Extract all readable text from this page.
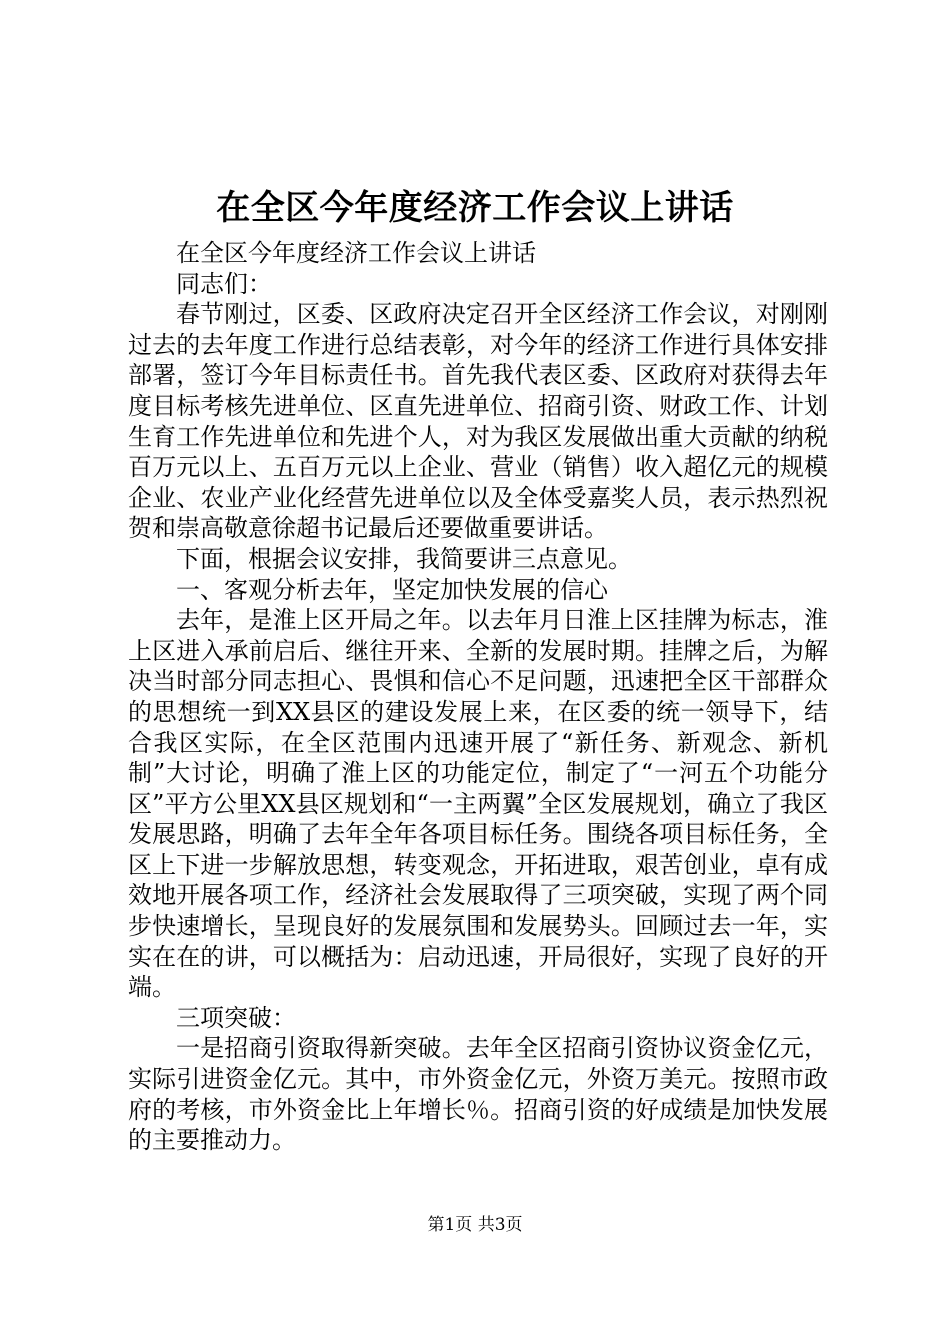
在全区今年度经济工作会议上讲话

在全区今年度经济工作会议上讲话

同志们：

春节刚过，区委、区政府决定召开全区经济工作会议，对刚刚过去的去年度工作进行总结表彰，对今年的经济工作进行具体安排部署，签订今年目标责任书。首先我代表区委、区政府对获得去年度目标考核先进单位、区直先进单位、招商引资、财政工作、计划生育工作先进单位和先进个人，对为我区发展做出重大贡献的纳税百万元以上、五百万元以上企业、营业（销售）收入超亿元的规模企业、农业产业化经营先进单位以及全体受嘉奖人员，表示热烈祝贺和崇高敬意徐超书记最后还要做重要讲话。

下面，根据会议安排，我简要讲三点意见。

一、客观分析去年，坚定加快发展的信心

去年，是淮上区开局之年。以去年月日淮上区挂牌为标志，淮上区进入承前启后、继往开来、全新的发展时期。挂牌之后，为解决当时部分同志担心、畏惧和信心不足问题，迅速把全区干部群众的思想统一到XX县区的建设发展上来，在区委的统一领导下，结合我区实际，在全区范围内迅速开展了“新任务、新观念、新机制”大讨论，明确了淮上区的功能定位，制定了“一河五个功能分区”平方公里XX县区规划和“一主两翼”全区发展规划，确立了我区发展思路，明确了去年全年各项目标任务。围绕各项目标任务，全区上下进一步解放思想，转变观念，开拓进取，艰苦创业，卓有成效地开展各项工作，经济社会发展取得了三项突破，实现了两个同步快速增长，呈现良好的发展氛围和发展势头。回顾过去一年，实实在在的讲，可以概括为：启动迅速，开局很好，实现了良好的开端。

三项突破：

一是招商引资取得新突破。去年全区招商引资协议资金亿元，实际引进资金亿元。其中，市外资金亿元，外资万美元。按照市政府的考核，市外资金比上年增长％。招商引资的好成绩是加快发展的主要推动力。

第1页 共3页
